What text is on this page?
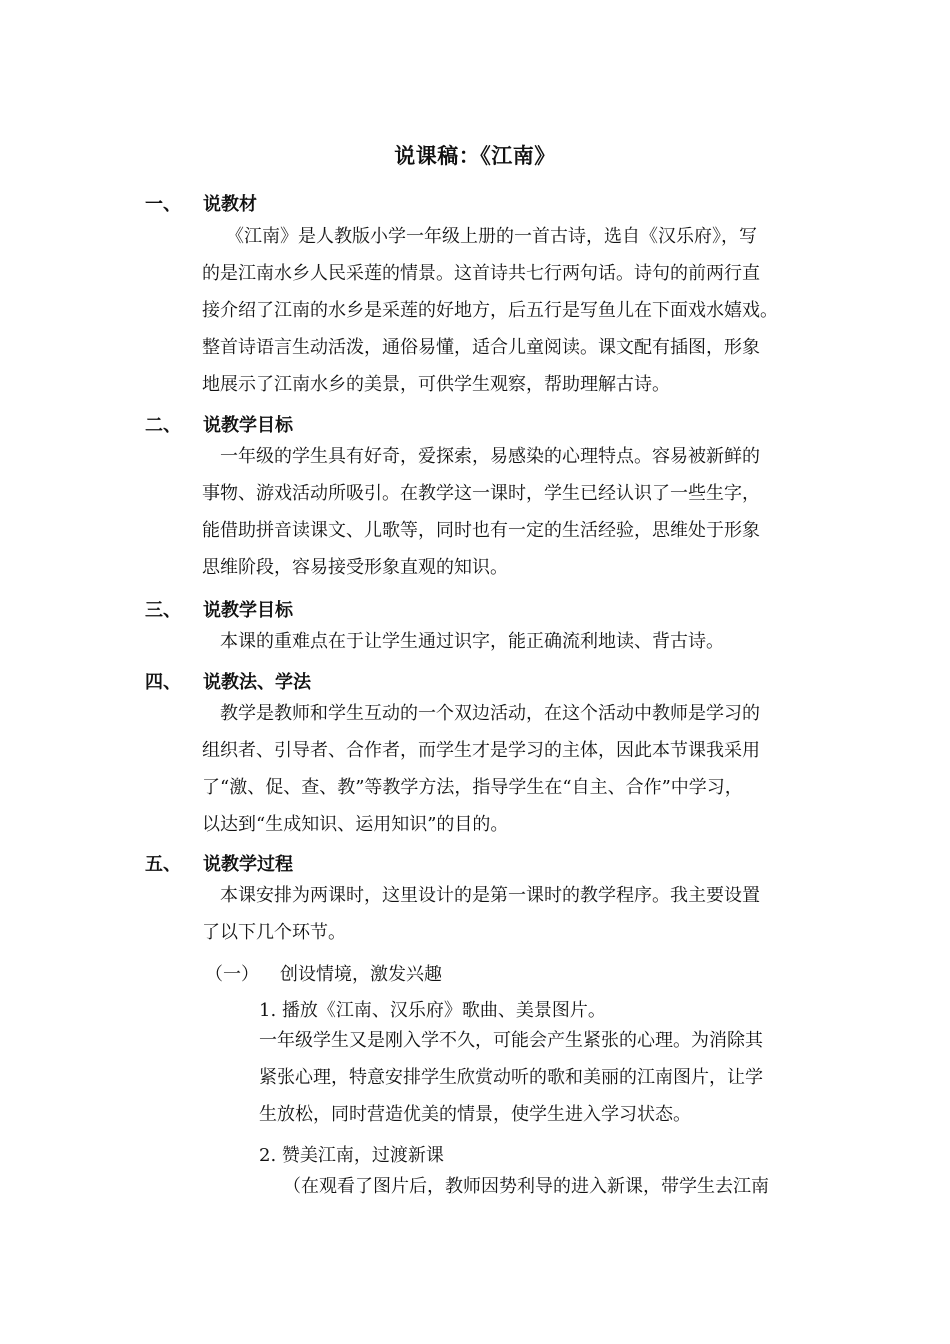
说课稿：《江南》
一、 说教材
《江南》是人教版小学一年级上册的一首古诗，选自《汉乐府》，写
的是江南水乡人民采莲的情景。这首诗共七行两句话。诗句的前两行直
接介绍了江南的水乡是采莲的好地方，后五行是写鱼儿在下面戏水嬉戏。
整首诗语言生动活泼，通俗易懂，适合儿童阅读。课文配有插图，形象
地展示了江南水乡的美景，可供学生观察，帮助理解古诗。
二、 说教学目标
一年级的学生具有好奇，爱探索，易感染的心理特点。容易被新鲜的
事物、游戏活动所吸引。在教学这一课时，学生已经认识了一些生字，
能借助拼音读课文、儿歌等，同时也有一定的生活经验，思维处于形象
思维阶段，容易接受形象直观的知识。
三、 说教学目标
本课的重难点在于让学生通过识字，能正确流利地读、背古诗。
四、 说教法、学法
教学是教师和学生互动的一个双边活动，在这个活动中教师是学习的
组织者、引导者、合作者，而学生才是学习的主体，因此本节课我采用
了“激、促、查、教”等教学方法，指导学生在“自主、合作”中学习，
以达到“生成知识、运用知识”的目的。
五、 说教学过程
本课安排为两课时，这里设计的是第一课时的教学程序。我主要设置
了以下几个环节。
（一） 创设情境，激发兴趣
1. 播放《江南、汉乐府》歌曲、美景图片。
一年级学生又是刚入学不久，可能会产生紧张的心理。为消除其
紧张心理，特意安排学生欣赏动听的歌和美丽的江南图片，让学
生放松，同时营造优美的情景，使学生进入学习状态。
2. 赞美江南，过渡新课
（在观看了图片后，教师因势利导的进入新课，带学生去江南
